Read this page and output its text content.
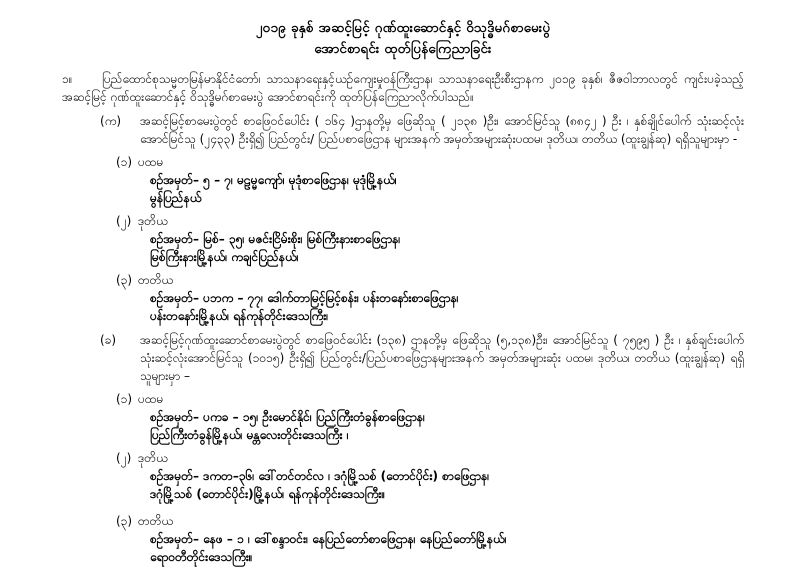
၂၀၁၉ ခုနှစ် အဆင့်မြင့် ဂုဏ်ထူးဆောင်နှင့် ဝိသုဒ္ဓိမဂ်စာမေးပွဲ
အောင်စာရင်း ထုတ်ပြန်ကြေညာခြင်း
၁။ ပြည်ထောင်စုသမ္မတမြန်မာနိုင်ငံတော်၊ သာသနာရေးနှင့်ယဉ်ကျေးမှုဝန်ကြီးဌာန၊ သာသနာရေးဦးစီးဌာနက ၂၀၁၉ ခုနှစ်၊ ဇီဇဝါဘာလတွင် ကျင်းပခဲ့သည့် အဆင့်မြင့် ဂုဏ်ထူးဆောင်နှင့် ဝိသုဒ္ဓိမဂ်စာမေးပွဲ အောင်စာရင်းကို ထုတ်ပြန်ကြေညာလိုက်ပါသည်။
(က)	အဆင့်မြင့်စာမေးပွဲတွင် စာဖြေဝင်ပေါင်း ( ၁၆၄ )ဌာနတို့မှ ဖြေဆိုသူ ( ၂၁၃၈ )ဦး၊ အောင်မြင်သူ (၈၈၄၂ ) ဦး ၊ နှစ်ချိုင်ပေါက် သုံးဆင့်လုံးအောင်မြင်သူ (၂၄၃၃) ဦးရှိ၍ ပြည်တွင်း/ ပြည်ပစာဖြေဌာန များအနက် အမှတ်အများဆုံးပထမ၊ ဒုတိယ၊ တတိယ (ထူးချွန်ဆု) ရရှိသူများမှာ -
(၁) ပထမ
စဉ်အမှတ်– ၅ – ၇၊ မဠမ္မကျော်၊ မုဒုံစာဖြေဌာန၊ မုဒုံမြို့နယ်၊
မွန်ပြည်နယ်
(၂) ဒုတိယ
စဉ်အမှတ်– မြစ်– ၃၅၊ မဇင်းငြိမ်းစိုး၊ မြစ်ကြီးနားစာဖြေဌာန၊
မြစ်ကြီးနားမြို့နယ်၊ ကချင်ပြည်နယ်၊
(၃) တတိယ
စဉ်အမှတ်– ပဘက – ၇၇၊ ဒေါက်တာမြင့်မြင့်စန်း၊ ပန်းတနော်းစာဖြေဌာန၊
ပန်းတနော်းမြို့နယ်၊ ရန်ကုန်တိုင်းဒေသကြီး၊
(ခ)	အဆင့်မြင့်ဂုဏ်ထူးဆောင်စာမေးပွဲတွင် စာဖြေဝင်ပေါင်း (၁၃၈) ဌာနတို့မှ ဖြေဆိုသူ (၅,၁၃၈)ဦး၊ အောင်မြင်သူ ( ၇၅၉၅ ) ဦး ၊ နှစ်ချင်းပေါက် သုံးဆင့်လုံးအောင်မြင်သူ (၁၀၁၅) ဦးရှိ၍ ပြည်တွင်း/ပြည်ပစာဖြေဌာနများအနက် အမှတ်အများဆုံး ပထမ၊ ဒုတိယ၊ တတိယ (ထူးချွန်ဆု) ရရှိသူများမှာ –
(၁) ပထမ
စဉ်အမှတ်– ပကခ – ၁၅၊ ဦးမောင်နိုင်၊ ပြည်ကြီးတံခွန်စာဖြေဌာန၊
ပြည်ကြီးတံခွန်မြို့နယ်၊ မန္တလေးတိုင်းဒေသကြီး ၊
(၂) ဒုတိယ
စဉ်အမှတ်– ဒကတ–၃၆၊ ဒေါ်တင်တင်လ ၊ ဒဂုံမြို့သစ် (တောင်ပိုင်း) စာဖြေဌာန၊
ဒဂုံမြို့သစ် (တောင်ပိုင်း)မြို့နယ်၊ ရန်ကုန်တိုင်းဒေသကြီး။
(၃) တတိယ
စဉ်အမှတ်– နေဖ – ၁ ၊ ဒေါ်စန္ဒာဝင်း၊ နေပြည်တော်စာဖြေဌာန၊ နေပြည်တော်မြို့နယ်၊
ရောဝတီတိုင်းဒေသကြီး။
